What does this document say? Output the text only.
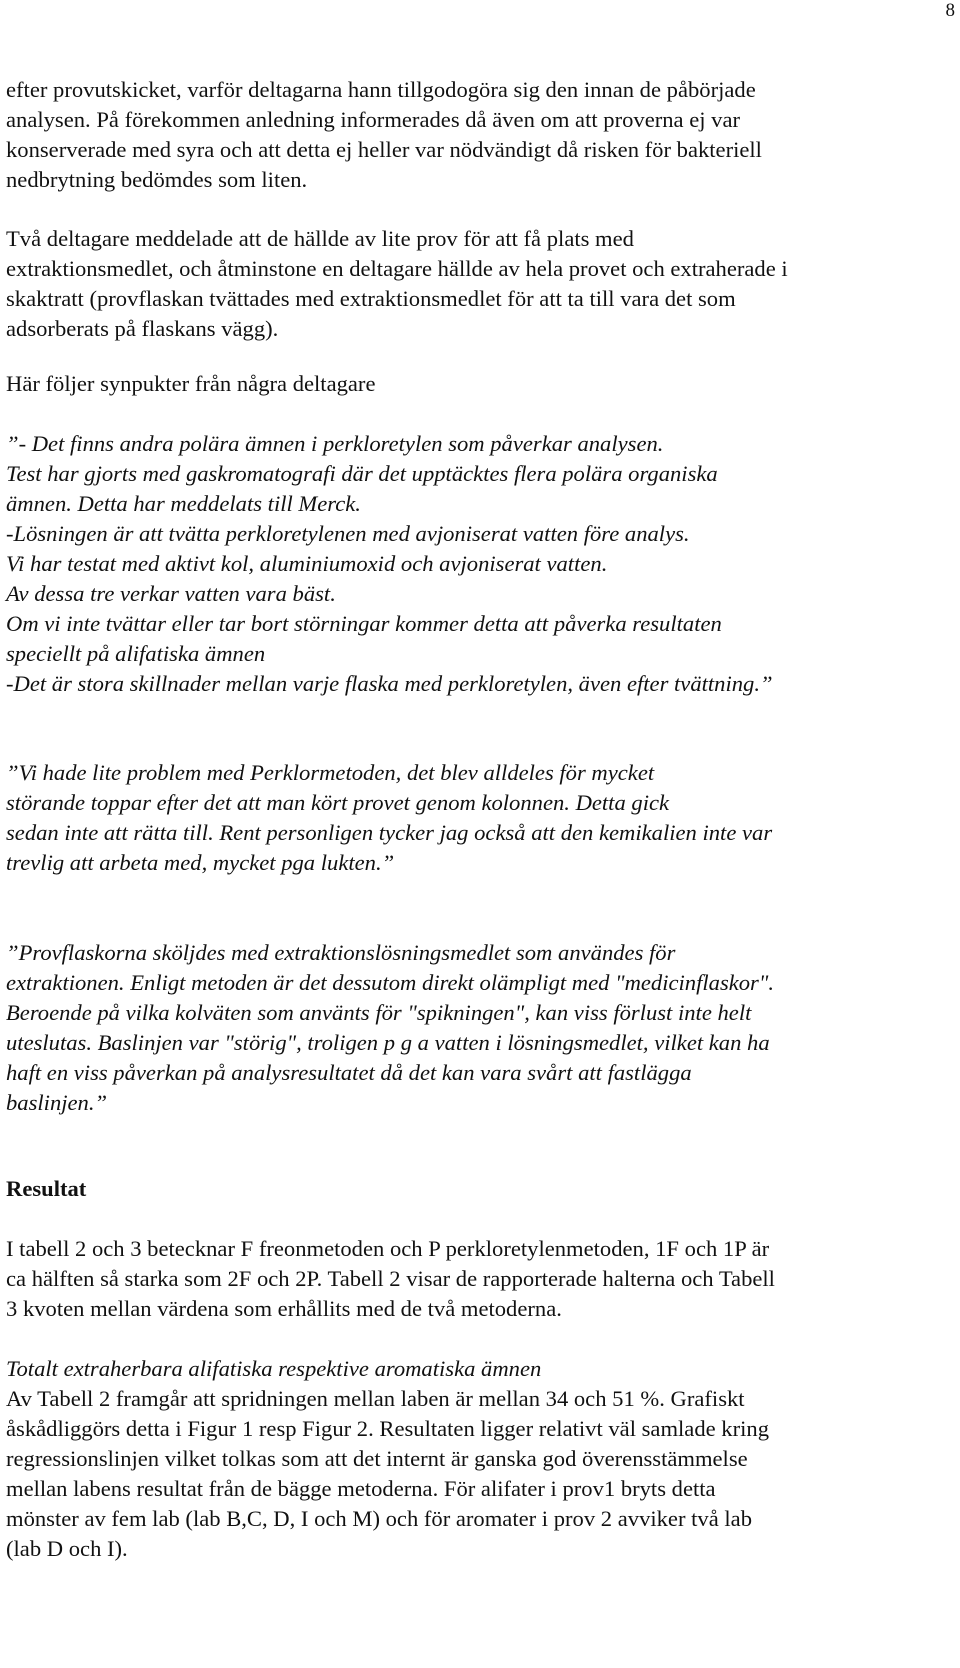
8
efter provutskicket, varför deltagarna hann tillgodogöra sig den innan de påbörjade
analysen. På förekommen anledning informerades då även om att proverna ej var
konserverade med syra och att detta ej heller var nödvändigt då risken för bakteriell
nedbrytning bedömdes som liten.
Två deltagare meddelade att de hällde av lite prov för att få plats med
extraktionsmedlet, och åtminstone en deltagare hällde av hela provet och extraherade i
skaktratt (provflaskan tvättades med extraktionsmedlet för att ta till vara det som
adsorberats på flaskans vägg).
Här följer synpukter från några deltagare
”- Det finns andra polära ämnen i perkloretylen som påverkar analysen.
Test har gjorts med gaskromatografi där det upptäcktes flera polära organiska
ämnen. Detta har meddelats till Merck.
-Lösningen är att tvätta perkloretylenen med avjoniserat vatten före analys.
Vi har testat med aktivt kol, aluminiumoxid och avjoniserat vatten.
Av dessa tre verkar vatten vara bäst.
Om vi inte tvättar eller tar bort störningar kommer detta att påverka resultaten
speciellt på alifatiska ämnen
-Det är stora skillnader mellan varje flaska med perkloretylen, även efter tvättning.”
”Vi hade lite problem med Perklormetoden, det blev alldeles för mycket
störande toppar efter det att man kört provet genom kolonnen. Detta gick
sedan inte att rätta till. Rent personligen tycker jag också att den kemikalien inte var
trevlig att arbeta med, mycket pga lukten.”
”Provflaskorna sköljdes med extraktionslösningsmedlet som användes för
extraktionen. Enligt metoden är det dessutom direkt olämpligt med "medicinflaskor".
Beroende på vilka kolväten som använts för "spikningen", kan viss förlust inte helt
uteslutas. Baslinjen var "störig", troligen p g a vatten i lösningsmedlet, vilket kan ha
haft en viss påverkan på analysresultatet då det kan vara svårt att fastlägga
baslinjen.”
Resultat
I tabell 2 och 3 betecknar F freonmetoden och P perkloretylenmetoden, 1F och 1P är
ca hälften så starka som 2F och 2P. Tabell 2 visar de rapporterade halterna och Tabell
3 kvoten mellan värdena som erhållits med de två metoderna.
Totalt extraherbara alifatiska respektive aromatiska ämnen
Av Tabell 2 framgår att spridningen mellan laben är mellan 34 och 51 %. Grafiskt
åskådliggörs detta i Figur 1 resp Figur 2. Resultaten ligger relativt väl samlade kring
regressionslinjen vilket tolkas som att det internt är ganska god överensstämmelse
mellan labens resultat från de bägge metoderna. För alifater i prov1 bryts detta
mönster av fem lab (lab B,C, D, I och M) och för aromater i prov 2 avviker två lab
(lab D och I).
